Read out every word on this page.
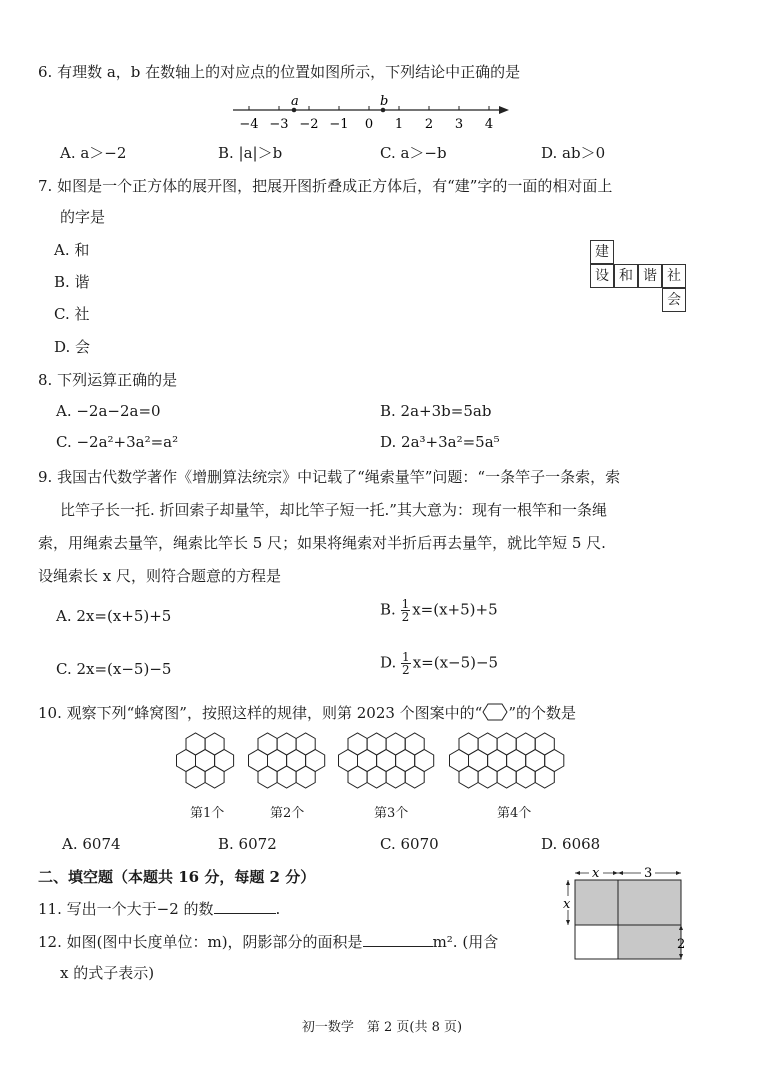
6. 有理数 a，b 在数轴上的对应点的位置如图所示，下列结论中正确的是
−4 −3 −2 −1 0 1 2 3 4
a	b
A. a＞−2	B. |a|＞b	C. a＞−b	D. ab＞0
7. 如图是一个正方体的展开图，把展开图折叠成正方体后，有“建”字的一面的相对面上
的字是
A. 和
B. 谐
C. 社
D. 会
建
设 和 谐 社
会
8. 下列运算正确的是
A. −2a−2a=0	B. 2a+3b=5ab
C. −2a²+3a²=a²	D. 2a³+3a²=5a⁵
9. 我国古代数学著作《增删算法统宗》中记载了“绳索量竿”问题：“一条竿子一条索，索
比竿子长一托. 折回索子却量竿，却比竿子短一托.”其大意为：现有一根竿和一条绳
索，用绳索去量竿，绳索比竿长 5 尺；如果将绳索对半折后再去量竿，就比竿短 5 尺.
设绳索长 x 尺，则符合题意的方程是
A. 2x=(x+5)+5	B. $\frac{1}{2} x=(x+5)+5$
C. 2x=(x−5)−5	D. $\frac{1}{2} x=(x-5)-5$
10. 观察下列“蜂窝图”，按照这样的规律，则第 2023 个图案中的“ ”的个数是
第1个	第2个	第3个	第4个
A. 6074	B. 6072	C. 6070	D. 6068
二、填空题（本题共 16 分，每题 2 分）
11. 写出一个大于−2 的数	.
12. 如图(图中长度单位：m)，阴影部分的面积是	m². (用含
x 的式子表示)
x	3
x
2
初一数学　第 2 页(共 8 页)
